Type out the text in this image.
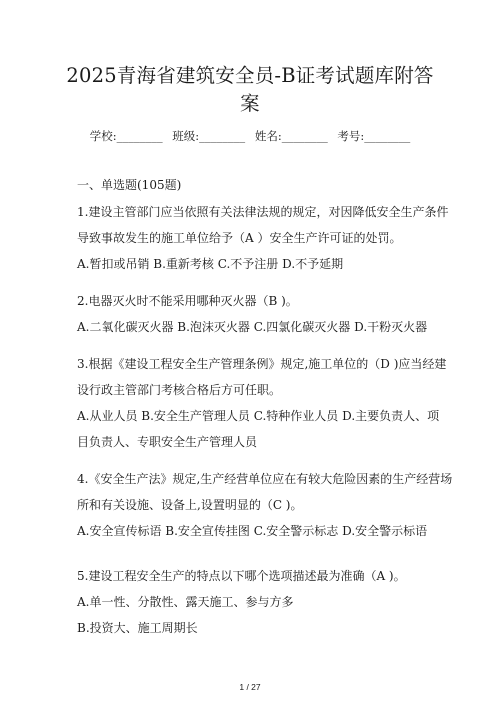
2025青海省建筑安全员-B证考试题库附答
案
学校:________ 班级:________ 姓名:________ 考号:________
一、单选题(105题)
1.建设主管部门应当依照有关法律法规的规定，对因降低安全生产条件
导致事故发生的施工单位给予（A ）安全生产许可证的处罚。
A.暂扣或吊销 B.重新考核 C.不予注册 D.不予延期
2.电器灭火时不能采用哪种灭火器（B )。
A.二氧化碳灭火器 B.泡沫灭火器 C.四氯化碳灭火器 D.干粉灭火器
3.根据《建设工程安全生产管理条例》规定,施工单位的（D )应当经建
设行政主管部门考核合格后方可任职。
A.从业人员 B.安全生产管理人员 C.特种作业人员 D.主要负责人、项
目负责人、专职安全生产管理人员
4.《安全生产法》规定,生产经营单位应在有较大危险因素的生产经营场
所和有关设施、设备上,设置明显的（C )。
A.安全宣传标语 B.安全宣传挂图 C.安全警示标志 D.安全警示标语
5.建设工程安全生产的特点以下哪个选项描述最为准确（A )。
A.单一性、分散性、露天施工、参与方多
B.投资大、施工周期长
1 / 27
